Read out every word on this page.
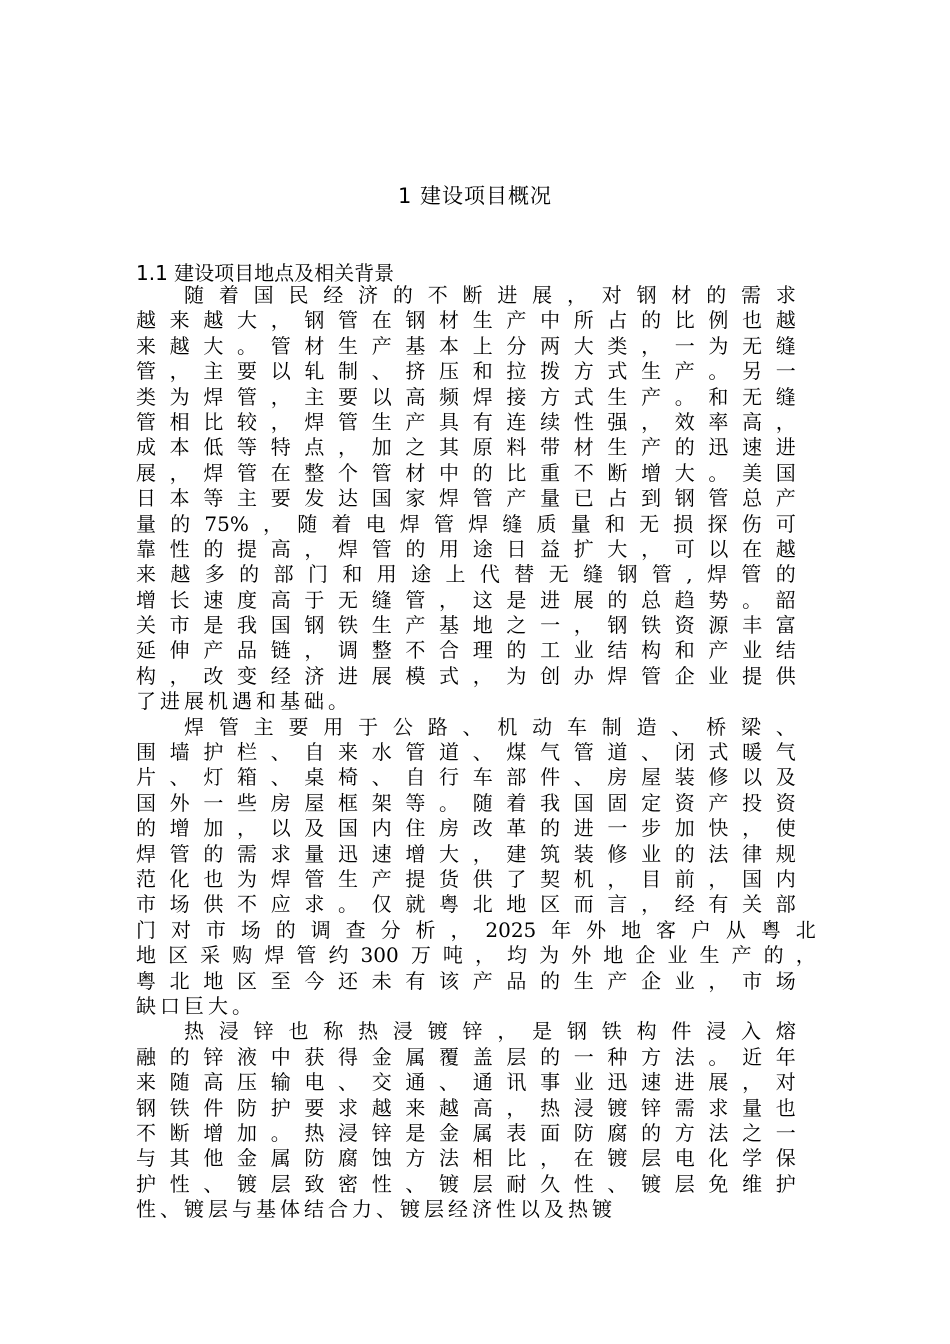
1 建设项目概况
1.1 建设项目地点及相关背景
随 着 国 民 经 济 的 不 断 进 展 ， 对 钢 材 的 需 求
越 来 越 大 ， 钢 管 在 钢 材 生 产 中 所 占 的 比 例 也 越
来 越 大 。 管 材 生 产 基 本 上 分 两 大 类 ， 一 为 无 缝
管 ， 主 要 以 轧 制 、 挤 压 和 拉 拨 方 式 生 产 。 另 一
类 为 焊 管 ， 主 要 以 高 频 焊 接 方 式 生 产 。 和 无 缝
管 相 比 较 ， 焊 管 生 产 具 有 连 续 性 强 ， 效 率 高 ，
成 本 低 等 特 点 ， 加 之 其 原 料 带 材 生 产 的 迅 速 进
展 ， 焊 管 在 整 个 管 材 中 的 比 重 不 断 增 大 。 美 国
日 本 等 主 要 发 达 国 家 焊 管 产 量 已 占 到 钢 管 总 产
量 的 75% ， 随 着 电 焊 管 焊 缝 质 量 和 无 损 探 伤 可
靠 性 的 提 高 ， 焊 管 的 用 途 日 益 扩 大 ， 可 以 在 越
来 越 多 的 部 门 和 用 途 上 代 替 无 缝 钢 管 , 焊 管 的
增 长 速 度 高 于 无 缝 管 ， 这 是 进 展 的 总 趋 势 。 韶
关 市 是 我 国 钢 铁 生 产 基 地 之 一 ， 钢 铁 资 源 丰 富
延 伸 产 品 链 ， 调 整 不 合 理 的 工 业 结 构 和 产 业 结
构 ， 改 变 经 济 进 展 模 式 ， 为 创 办 焊 管 企 业 提 供
了进展机遇和基础。
焊 管 主 要 用 于 公 路 、 机 动 车 制 造 、 桥 梁 、
围 墙 护 栏 、 自 来 水 管 道 、 煤 气 管 道 、 闭 式 暖 气
片 、 灯 箱 、 桌 椅 、 自 行 车 部 件 、 房 屋 装 修 以 及
国 外 一 些 房 屋 框 架 等 。 随 着 我 国 固 定 资 产 投 资
的 增 加 ， 以 及 国 内 住 房 改 革 的 进 一 步 加 快 ， 使
焊 管 的 需 求 量 迅 速 增 大 ， 建 筑 装 修 业 的 法 律 规
范 化 也 为 焊 管 生 产 提 货 供 了 契 机 ， 目 前 ， 国 内
市 场 供 不 应 求 。 仅 就 粤 北 地 区 而 言 ， 经 有 关 部
门 对 市 场 的 调 查 分 析 ， 2025 年 外 地 客 户 从 粤 北
地 区 采 购 焊 管 约 300 万 吨 ， 均 为 外 地 企 业 生 产 的 ，
粤 北 地 区 至 今 还 未 有 该 产 品 的 生 产 企 业 ， 市 场
缺口巨大。
热 浸 锌 也 称 热 浸 镀 锌 ， 是 钢 铁 构 件 浸 入 熔
融 的 锌 液 中 获 得 金 属 覆 盖 层 的 一 种 方 法 。 近 年
来 随 高 压 输 电 、 交 通 、 通 讯 事 业 迅 速 进 展 ， 对
钢 铁 件 防 护 要 求 越 来 越 高 ， 热 浸 镀 锌 需 求 量 也
不 断 增 加 。 热 浸 锌 是 金 属 表 面 防 腐 的 方 法 之 一
与 其 他 金 属 防 腐 蚀 方 法 相 比 ， 在 镀 层 电 化 学 保
护 性 、 镀 层 致 密 性 、 镀 层 耐 久 性 、 镀 层 免 维 护
性、镀层与基体结合力、镀层经济性以及热镀
